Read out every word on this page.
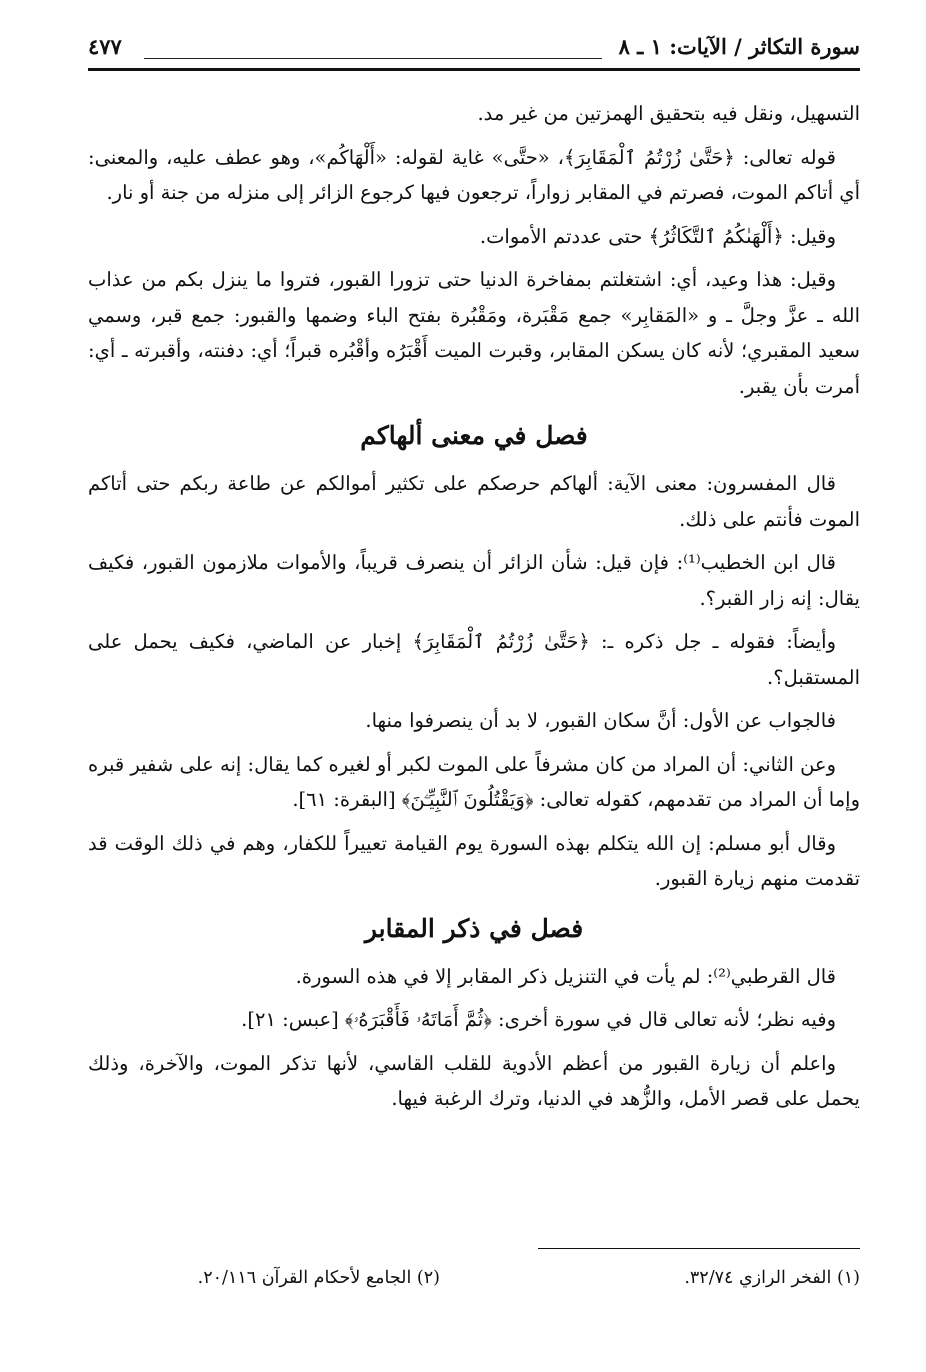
سورة التكاثر / الآيات: ١ ـ ٨
٤٧٧

التسهيل، ونقل فيه بتحقيق الهمزتين من غير مد.

قوله تعالى: ﴿حَتَّىٰ زُرْتُمُ ٱلْمَقَابِرَ﴾، «حتَّى» غاية لقوله: «أَلْهَاكُم»، وهو عطف عليه، والمعنى: أي أتاكم الموت، فصرتم في المقابر زواراً، ترجعون فيها كرجوع الزائر إلى منزله من جنة أو نار.

وقيل: ﴿أَلْهَىٰكُمُ ٱلتَّكَاثُرُ﴾ حتى عددتم الأموات.

وقيل: هذا وعيد، أي: اشتغلتم بمفاخرة الدنيا حتى تزورا القبور، فتروا ما ينزل بكم من عذاب الله ـ عزَّ وجلَّ ـ و «المَقابِر» جمع مَقْبَرة، ومَقْبُرة بفتح الباء وضمها والقبور: جمع قبر، وسمي سعيد المقبري؛ لأنه كان يسكن المقابر، وقبرت الميت أَقْبَرُه وأقْبُره قبراً؛ أي: دفنته، وأقبرته ـ أي: أمرت بأن يقبر.

فصل في معنى ألهاكم

قال المفسرون: معنى الآية: ألهاكم حرصكم على تكثير أموالكم عن طاعة ربكم حتى أتاكم الموت فأنتم على ذلك.

قال ابن الخطيب⁽¹⁾: فإن قيل: شأن الزائر أن ينصرف قريباً، والأموات ملازمون القبور، فكيف يقال: إنه زار القبر؟.

وأيضاً: فقوله ـ جل ذكره ـ: ﴿حَتَّىٰ زُرْتُمُ ٱلْمَقَابِرَ﴾ إخبار عن الماضي، فكيف يحمل على المستقبل؟.

فالجواب عن الأول: أنَّ سكان القبور، لا بد أن ينصرفوا منها.

وعن الثاني: أن المراد من كان مشرفاً على الموت لكبر أو لغيره كما يقال: إنه على شفير قبره وإما أن المراد من تقدمهم، كقوله تعالى: ﴿وَيَقْتُلُونَ ٱلنَّبِيِّـۧنَ﴾ [البقرة: ٦١].

وقال أبو مسلم: إن الله يتكلم بهذه السورة يوم القيامة تعييراً للكفار، وهم في ذلك الوقت قد تقدمت منهم زيارة القبور.

فصل في ذكر المقابر

قال القرطبي⁽²⁾: لم يأت في التنزيل ذكر المقابر إلا في هذه السورة.

وفيه نظر؛ لأنه تعالى قال في سورة أخرى: ﴿ثُمَّ أَمَاتَهُۥ فَأَقْبَرَهُۥ﴾ [عبس: ٢١].

واعلم أن زيارة القبور من أعظم الأدوية للقلب القاسي، لأنها تذكر الموت، والآخرة، وذلك يحمل على قصر الأمل، والزُّهد في الدنيا، وترك الرغبة فيها.

(١) الفخر الرازي ٣٢/٧٤.
(٢) الجامع لأحكام القرآن ٢٠/١١٦.
